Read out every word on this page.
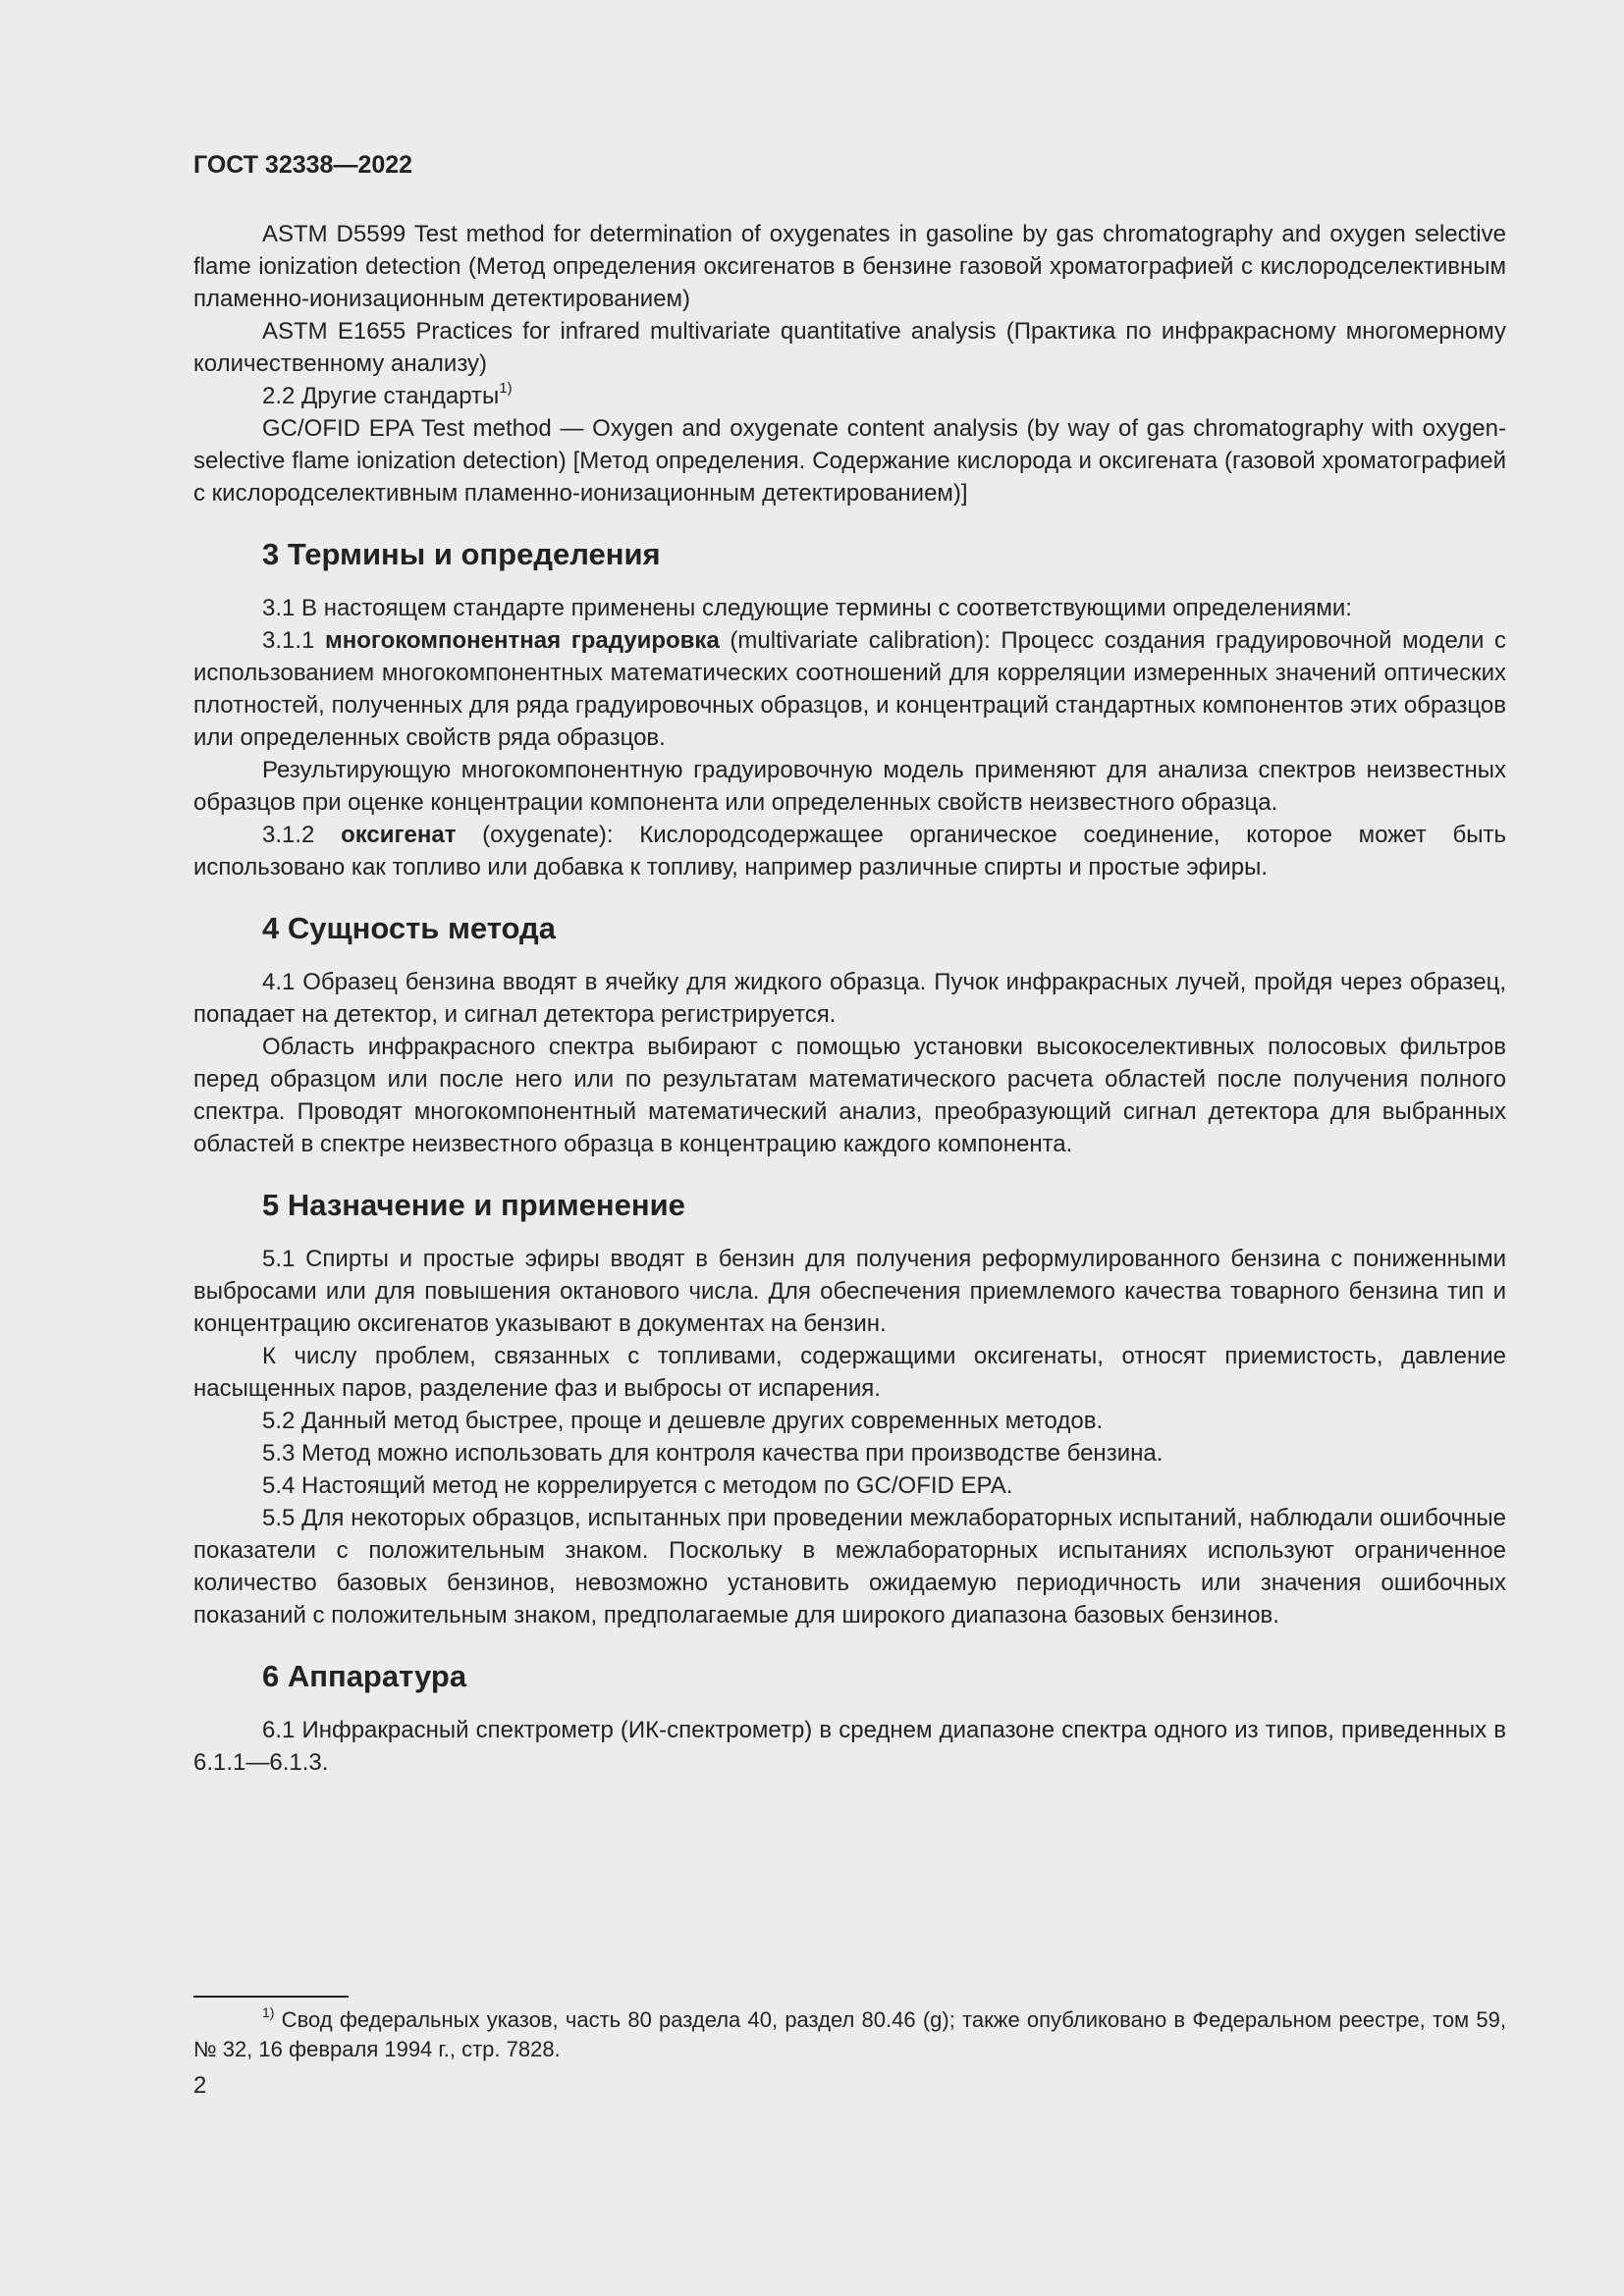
ГОСТ 32338—2022

ASTM D5599 Test method for determination of oxygenates in gasoline by gas chromatography and oxygen selective flame ionization detection (Метод определения оксигенатов в бензине газовой хроматографией с кислородселективным пламенно-ионизационным детектированием)

ASTM E1655 Practices for infrared multivariate quantitative analysis (Практика по инфракрасному многомерному количественному анализу)

2.2 Другие стандарты$^{1)}$

GC/OFID EPA Test method — Oxygen and oxygenate content analysis (by way of gas chromatography with oxygen-selective flame ionization detection) [Метод определения. Содержание кислорода и оксигената (газовой хроматографией с кислородселективным пламенно-ионизационным детектированием)]

3 Термины и определения

3.1 В настоящем стандарте применены следующие термины с соответствующими определениями:

3.1.1 многокомпонентная градуировка (multivariate calibration): Процесс создания градуировочной модели с использованием многокомпонентных математических соотношений для корреляции измеренных значений оптических плотностей, полученных для ряда градуировочных образцов, и концентраций стандартных компонентов этих образцов или определенных свойств ряда образцов.

Результирующую многокомпонентную градуировочную модель применяют для анализа спектров неизвестных образцов при оценке концентрации компонента или определенных свойств неизвестного образца.

3.1.2 оксигенат (oxygenate): Кислородсодержащее органическое соединение, которое может быть использовано как топливо или добавка к топливу, например различные спирты и простые эфиры.

4 Сущность метода

4.1 Образец бензина вводят в ячейку для жидкого образца. Пучок инфракрасных лучей, пройдя через образец, попадает на детектор, и сигнал детектора регистрируется.

Область инфракрасного спектра выбирают с помощью установки высокоселективных полосовых фильтров перед образцом или после него или по результатам математического расчета областей после получения полного спектра. Проводят многокомпонентный математический анализ, преобразующий сигнал детектора для выбранных областей в спектре неизвестного образца в концентрацию каждого компонента.

5 Назначение и применение

5.1 Спирты и простые эфиры вводят в бензин для получения реформулированного бензина с пониженными выбросами или для повышения октанового числа. Для обеспечения приемлемого качества товарного бензина тип и концентрацию оксигенатов указывают в документах на бензин.

К числу проблем, связанных с топливами, содержащими оксигенаты, относят приемистость, давление насыщенных паров, разделение фаз и выбросы от испарения.

5.2 Данный метод быстрее, проще и дешевле других современных методов.

5.3 Метод можно использовать для контроля качества при производстве бензина.

5.4 Настоящий метод не коррелируется с методом по GC/OFID EPA.

5.5 Для некоторых образцов, испытанных при проведении межлабораторных испытаний, наблюдали ошибочные показатели с положительным знаком. Поскольку в межлабораторных испытаниях используют ограниченное количество базовых бензинов, невозможно установить ожидаемую периодичность или значения ошибочных показаний с положительным знаком, предполагаемые для широкого диапазона базовых бензинов.

6 Аппаратура

6.1 Инфракрасный спектрометр (ИК-спектрометр) в среднем диапазоне спектра одного из типов, приведенных в 6.1.1—6.1.3.

$^{1)}$ Свод федеральных указов, часть 80 раздела 40, раздел 80.46 (g); также опубликовано в Федеральном реестре, том 59, № 32, 16 февраля 1994 г., стр. 7828.

2
